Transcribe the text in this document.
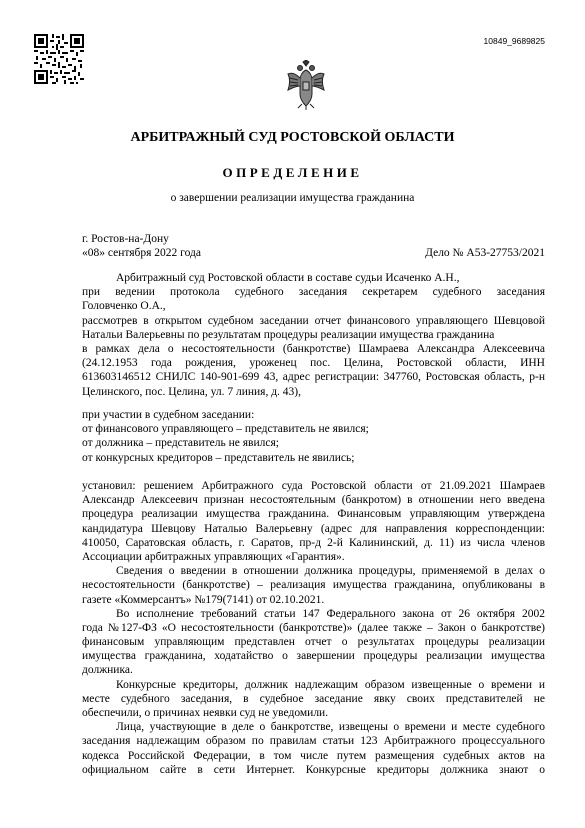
10849_9689825
АРБИТРАЖНЫЙ СУД РОСТОВСКОЙ ОБЛАСТИ
ОПРЕДЕЛЕНИЕ
о завершении реализации имущества гражданина
г. Ростов-на-Дону
«08» сентября 2022 года	Дело № А53-27753/2021
Арбитражный суд Ростовской области в составе судьи Исаченко А.Н.,
при ведении протокола судебного заседания секретарем судебного заседания
Головченко О.А.,
рассмотрев в открытом судебном заседании отчет финансового управляющего Шевцовой
Натальи Валерьевны по результатам процедуры реализации имущества гражданина
в рамках дела о несостоятельности (банкротстве) Шамраева Александра Алексеевича
(24.12.1953 года рождения, уроженец пос. Целина, Ростовской области, ИНН
613603146512 СНИЛС 140-901-699 43, адрес регистрации: 347760, Ростовская область, р-н
Целинского, пос. Целина, ул. 7 линия, д. 43),
при участии в судебном заседании:
от финансового управляющего – представитель не явился;
от должника – представитель не явился;
от конкурсных кредиторов – представитель не явились;
установил: решением Арбитражного суда Ростовской области от 21.09.2021 Шамраев
Александр Алексеевич признан несостоятельным (банкротом) в отношении него введена
процедура реализации имущества гражданина. Финансовым управляющим утверждена
кандидатура Шевцову Наталью Валерьевну (адрес для направления корреспонденции:
410050, Саратовская область, г. Саратов, пр-д 2-й Калининский, д. 11) из числа членов
Ассоциации арбитражных управляющих «Гарантия».
Сведения о введении в отношении должника процедуры, применяемой в делах о
несостоятельности (банкротстве) – реализация имущества гражданина, опубликованы в
газете «Коммерсантъ» №179(7141) от 02.10.2021.
Во исполнение требований статьи 147 Федерального закона от 26 октября 2002
года №127-ФЗ «О несостоятельности (банкротстве)» (далее также – Закон о банкротстве)
финансовым управляющим представлен отчет о результатах процедуры реализации
имущества гражданина, ходатайство о завершении процедуры реализации имущества
должника.
Конкурсные кредиторы, должник надлежащим образом извещенные о времени и
месте судебного заседания, в судебное заседание явку своих представителей не
обеспечили, о причинах неявки суд не уведомили.
Лица, участвующие в деле о банкротстве, извещены о времени и месте судебного
заседания надлежащим образом по правилам статьи 123 Арбитражного процессуального
кодекса Российской Федерации, в том числе путем размещения судебных актов на
официальном сайте в сети Интернет. Конкурсные кредиторы должника знают о
